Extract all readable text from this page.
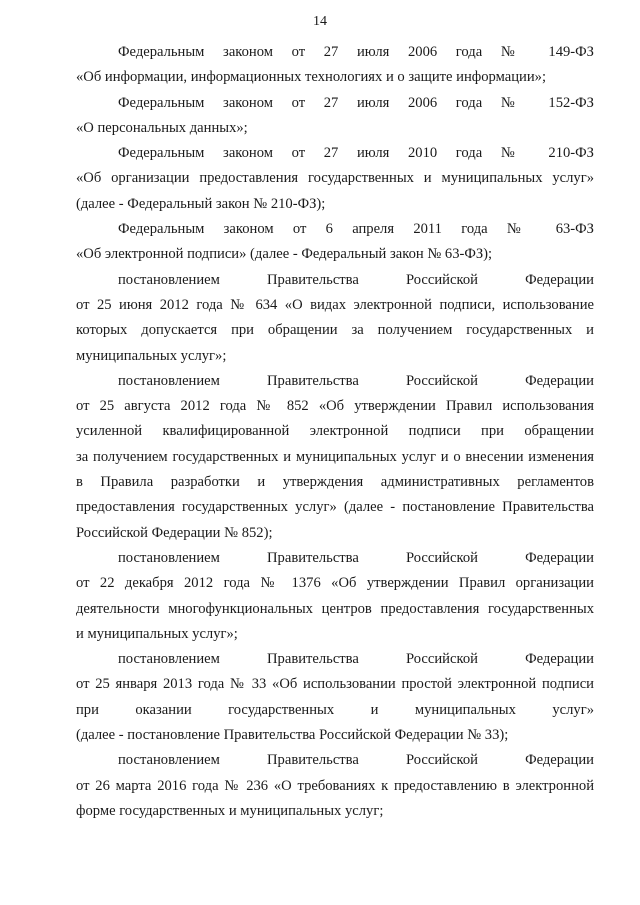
14

Федеральным законом от 27 июля 2006 года № 149-ФЗ
«Об информации, информационных технологиях и о защите информации»;

Федеральным законом от 27 июля 2006 года № 152-ФЗ
«О персональных данных»;

Федеральным законом от 27 июля 2010 года № 210-ФЗ
«Об организации предоставления государственных и муниципальных услуг»
(далее - Федеральный закон № 210-ФЗ);

Федеральным законом от 6 апреля 2011 года № 63-ФЗ
«Об электронной подписи» (далее - Федеральный закон № 63-ФЗ);

постановлением Правительства Российской Федерации
от 25 июня 2012 года № 634 «О видах электронной подписи, использование
которых допускается при обращении за получением государственных и
муниципальных услуг»;

постановлением Правительства Российской Федерации
от 25 августа 2012 года № 852 «Об утверждении Правил использования
усиленной квалифицированной электронной подписи при обращении
за получением государственных и муниципальных услуг и о внесении изменения
в Правила разработки и утверждения административных регламентов
предоставления государственных услуг» (далее - постановление Правительства
Российской Федерации № 852);

постановлением Правительства Российской Федерации
от 22 декабря 2012 года № 1376 «Об утверждении Правил организации
деятельности многофункциональных центров предоставления государственных
и муниципальных услуг»;

постановлением Правительства Российской Федерации
от 25 января 2013 года № 33 «Об использовании простой электронной подписи
при оказании государственных и муниципальных услуг»
(далее - постановление Правительства Российской Федерации № 33);

постановлением Правительства Российской Федерации
от 26 марта 2016 года № 236 «О требованиях к предоставлению в электронной
форме государственных и муниципальных услуг;
